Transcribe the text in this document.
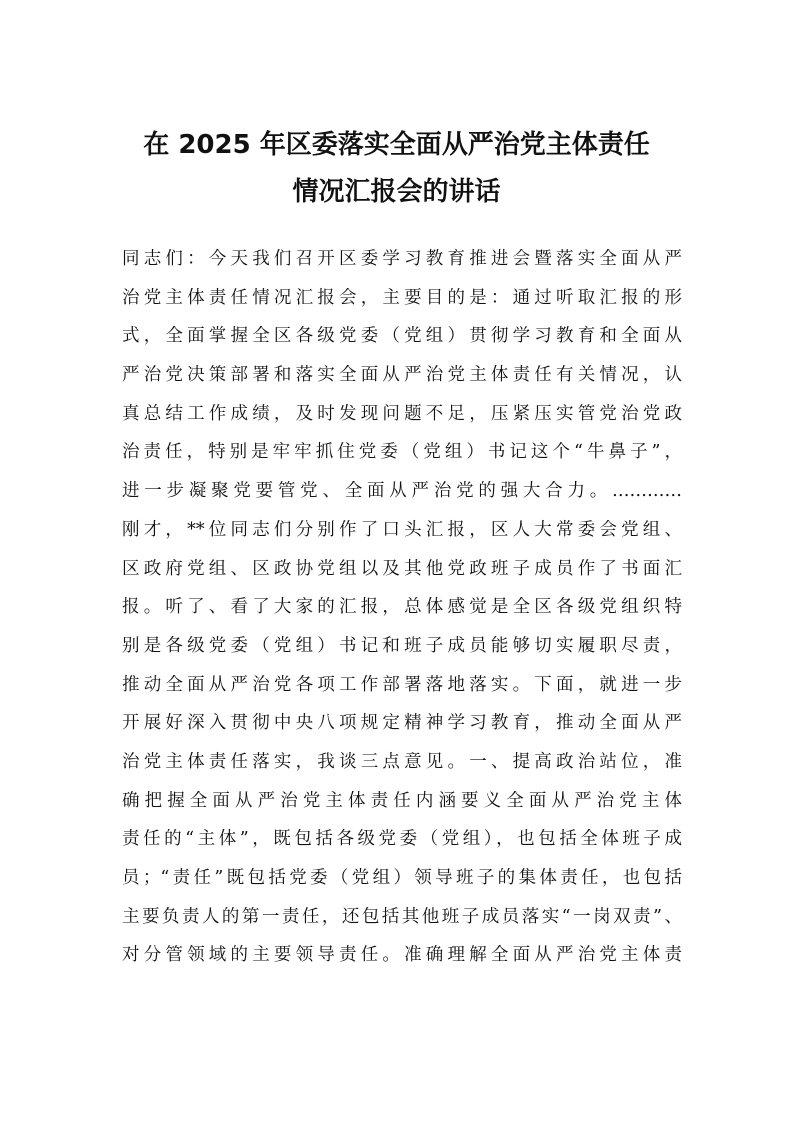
在 2025 年区委落实全面从严治党主体责任
情况汇报会的讲话
同志们：今天我们召开区委学习教育推进会暨落实全面从严
治党主体责任情况汇报会，主要目的是：通过听取汇报的形
式，全面掌握全区各级党委（党组）贯彻学习教育和全面从
严治党决策部署和落实全面从严治党主体责任有关情况，认
真总结工作成绩，及时发现问题不足，压紧压实管党治党政
治责任，特别是牢牢抓住党委（党组）书记这个“牛鼻子”，
进一步凝聚党要管党、全面从严治党的强大合力。…………
刚才，**位同志们分别作了口头汇报，区人大常委会党组、
区政府党组、区政协党组以及其他党政班子成员作了书面汇
报。听了、看了大家的汇报，总体感觉是全区各级党组织特
别是各级党委（党组）书记和班子成员能够切实履职尽责，
推动全面从严治党各项工作部署落地落实。下面，就进一步
开展好深入贯彻中央八项规定精神学习教育，推动全面从严
治党主体责任落实，我谈三点意见。一、提高政治站位，准
确把握全面从严治党主体责任内涵要义全面从严治党主体
责任的“主体”，既包括各级党委（党组），也包括全体班子成
员；“责任”既包括党委（党组）领导班子的集体责任，也包括
主要负责人的第一责任，还包括其他班子成员落实“一岗双责”、
对分管领域的主要领导责任。准确理解全面从严治党主体责
